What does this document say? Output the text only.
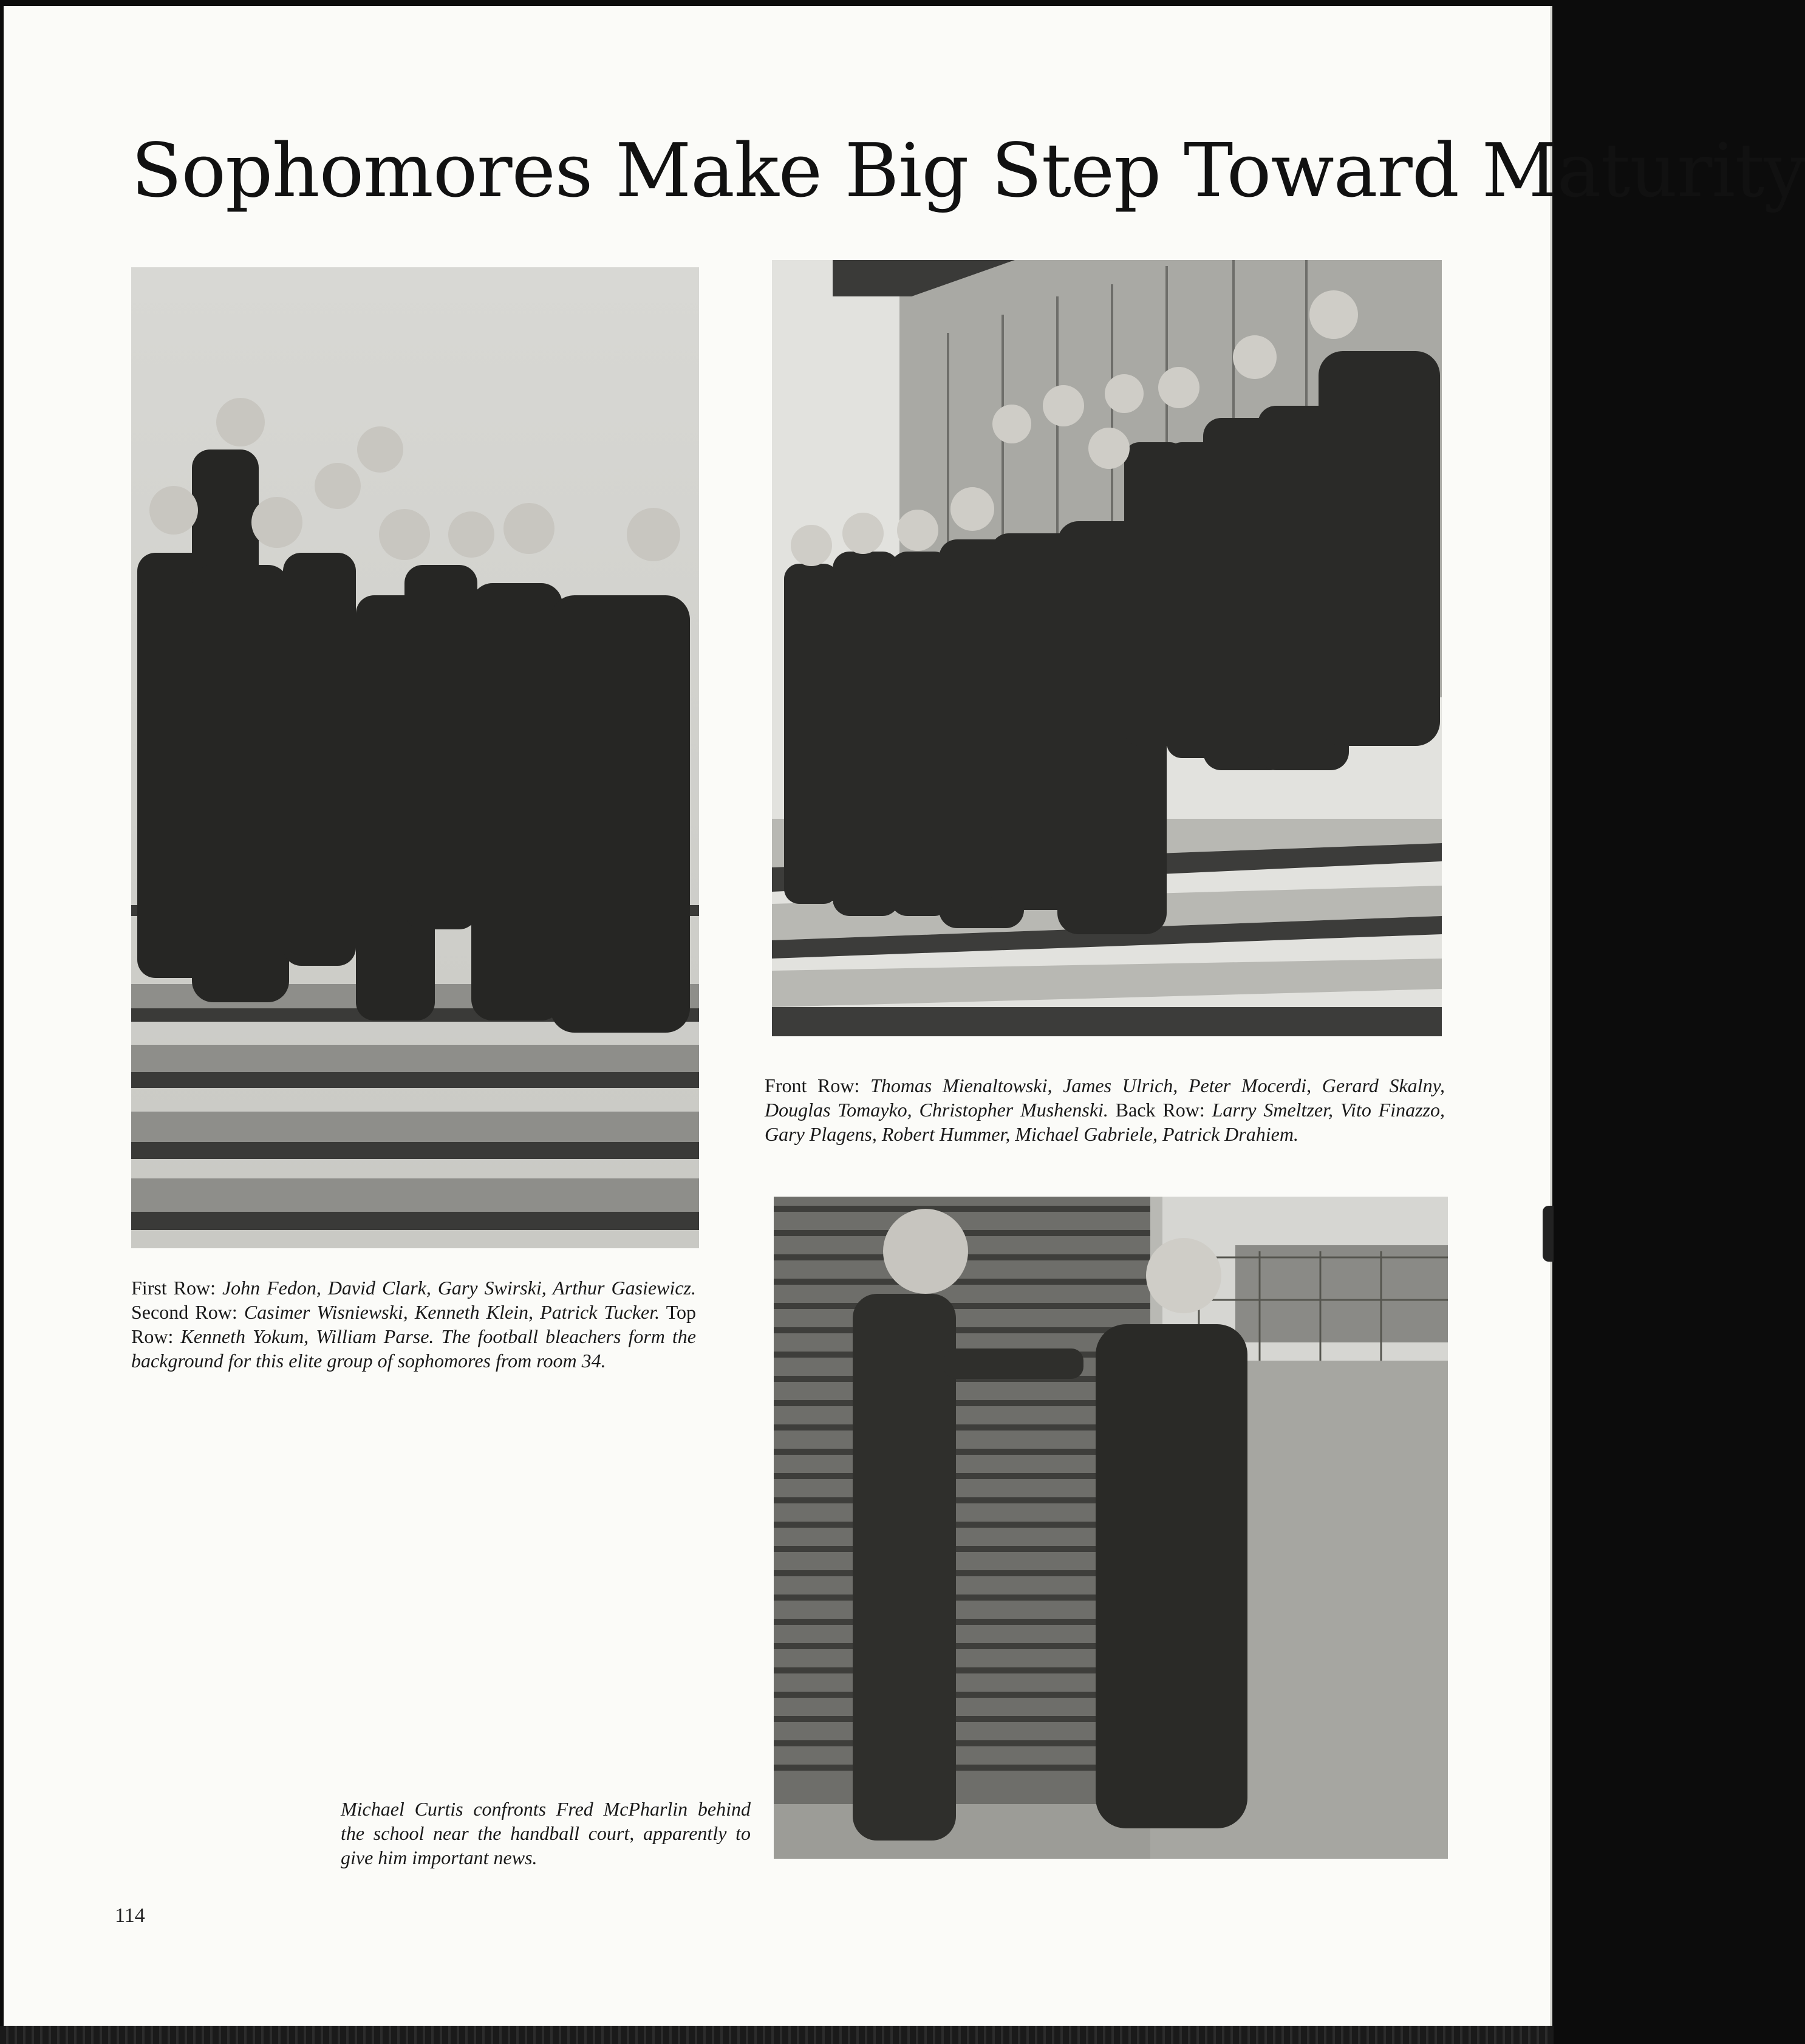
Sophomores Make Big Step Toward Maturity

First Row: John Fedon, David Clark, Gary Swirski, Arthur Gasiewicz. Second Row: Casimer Wisniewski, Kenneth Klein, Patrick Tucker. Top Row: Kenneth Yokum, William Parse. The football bleachers form the background for this elite group of sophomores from room 34.

Front Row: Thomas Mienaltowski, James Ulrich, Peter Mocerdi, Gerard Skalny, Douglas Tomayko, Christopher Mushenski. Back Row: Larry Smeltzer, Vito Finazzo, Gary Plagens, Robert Hummer, Michael Gabriele, Patrick Drahiem.

Michael Curtis confronts Fred McPharlin behind the school near the handball court, apparently to give him important news.

114
